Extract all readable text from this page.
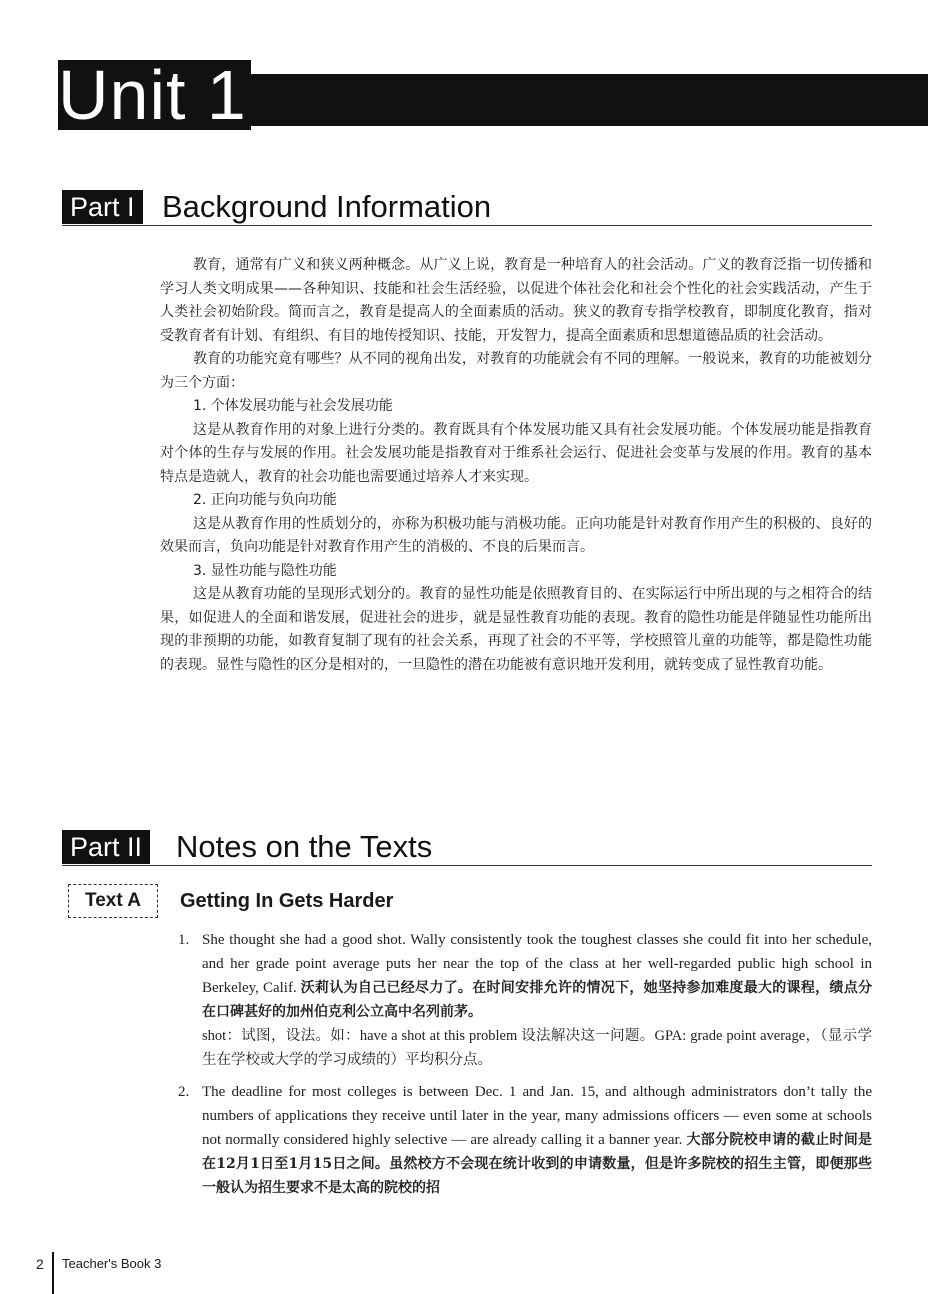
Unit 1
Part I Background Information

教育，通常有广义和狭义两种概念。从广义上说，教育是一种培育人的社会活动。广义的教育泛指一切传播和学习人类文明成果——各种知识、技能和社会生活经验，以促进个体社会化和社会个性化的社会实践活动，产生于人类社会初始阶段。简而言之，教育是提高人的全面素质的活动。狭义的教育专指学校教育，即制度化教育，指对受教育者有计划、有组织、有目的地传授知识、技能，开发智力，提高全面素质和思想道德品质的社会活动。

教育的功能究竟有哪些？从不同的视角出发，对教育的功能就会有不同的理解。一般说来，教育的功能被划分为三个方面：

1. 个体发展功能与社会发展功能

这是从教育作用的对象上进行分类的。教育既具有个体发展功能又具有社会发展功能。个体发展功能是指教育对个体的生存与发展的作用。社会发展功能是指教育对于维系社会运行、促进社会变革与发展的作用。教育的基本特点是造就人，教育的社会功能也需要通过培养人才来实现。

2. 正向功能与负向功能

这是从教育作用的性质划分的，亦称为积极功能与消极功能。正向功能是针对教育作用产生的积极的、良好的效果而言，负向功能是针对教育作用产生的消极的、不良的后果而言。

3. 显性功能与隐性功能

这是从教育功能的呈现形式划分的。教育的显性功能是依照教育目的、在实际运行中所出现的与之相符合的结果，如促进人的全面和谐发展，促进社会的进步，就是显性教育功能的表现。教育的隐性功能是伴随显性功能所出现的非预期的功能，如教育复制了现有的社会关系，再现了社会的不平等，学校照管儿童的功能等，都是隐性功能的表现。显性与隐性的区分是相对的，一旦隐性的潜在功能被有意识地开发利用，就转变成了显性教育功能。

Part II Notes on the Texts
Text A	Getting In Gets Harder
1. She thought she had a good shot. Wally consistently took the toughest classes she could fit into her schedule, and her grade point average puts her near the top of the class at her well-regarded public high school in Berkeley, Calif. 沃莉认为自己已经尽力了。在时间安排允许的情况下，她坚持参加难度最大的课程，绩点分在口碑甚好的加州伯克利公立高中名列前茅。
shot：试图，设法。如：have a shot at this problem 设法解决这一问题。GPA: grade point average，（显示学生在学校或大学的学习成绩的）平均积分点。
2. The deadline for most colleges is between Dec. 1 and Jan. 15, and although administrators don’t tally the numbers of applications they receive until later in the year, many admissions officers — even some at schools not normally considered highly selective — are already calling it a banner year. 大部分院校申请的截止时间是在12月1日至1月15日之间。虽然校方不会现在统计收到的申请数量，但是许多院校的招生主管，即便那些一般认为招生要求不是太高的院校的招
2 Teacher's Book 3
